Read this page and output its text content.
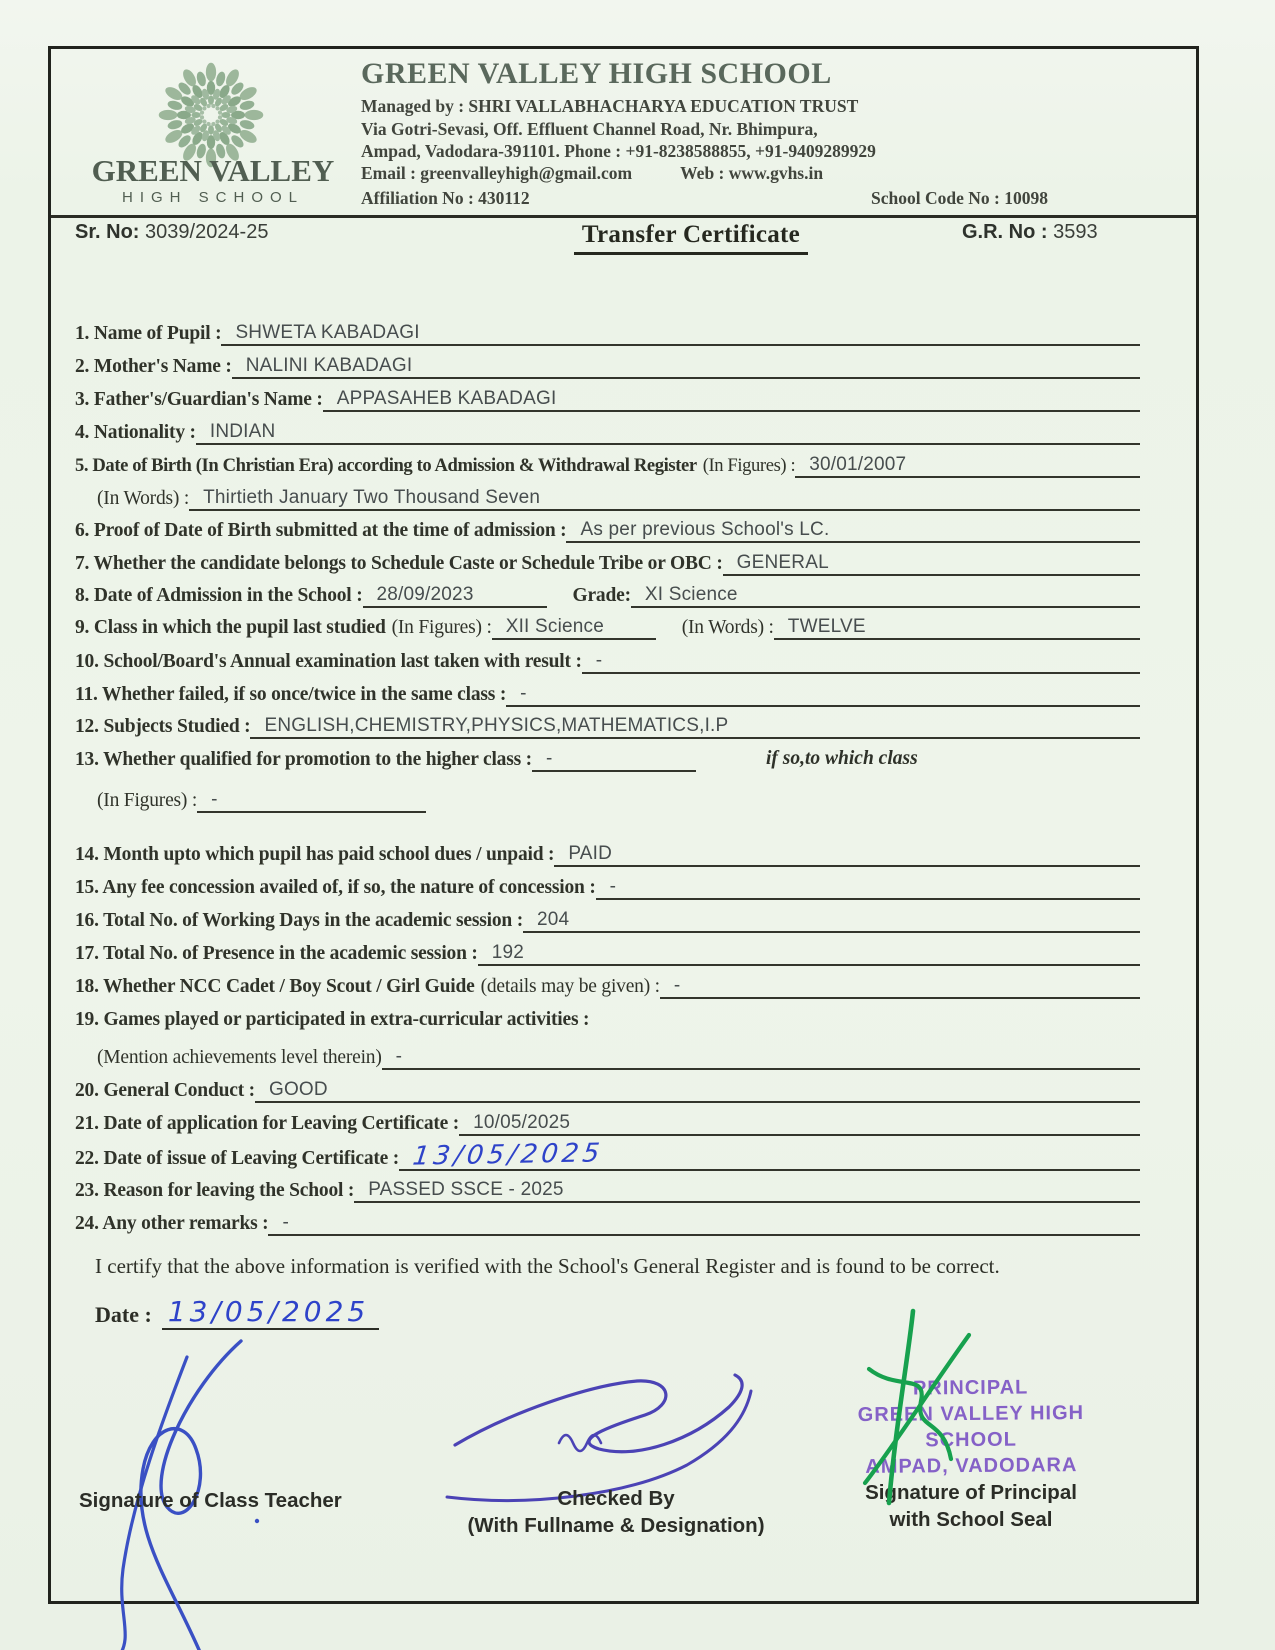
GREEN VALLEY
HIGH SCHOOL
GREEN VALLEY HIGH SCHOOL
Managed by : SHRI VALLABHACHARYA EDUCATION TRUST
Via Gotri-Sevasi, Off. Effluent Channel Road, Nr. Bhimpura,
Ampad, Vadodara-391101. Phone : +91-8238588855, +91-9409289929
Email : greenvalleyhigh@gmail.com	Web : www.gvhs.in
Affiliation No : 430112	School Code No : 10098
Sr. No: 3039/2024-25	Transfer Certificate	G.R. No : 3593
1. Name of Pupil : SHWETA KABADAGI
2. Mother's Name : NALINI KABADAGI
3. Father's/Guardian's Name : APPASAHEB KABADAGI
4. Nationality : INDIAN
5. Date of Birth (In Christian Era) according to Admission & Withdrawal Register (In Figures) : 30/01/2007
(In Words) : Thirtieth January Two Thousand Seven
6. Proof of Date of Birth submitted at the time of admission : As per previous School's LC.
7. Whether the candidate belongs to Schedule Caste or Schedule Tribe or OBC : GENERAL
8. Date of Admission in the School : 28/09/2023	Grade: XI Science
9. Class in which the pupil last studied (In Figures) : XII Science	(In Words) : TWELVE
10. School/Board's Annual examination last taken with result : -
11. Whether failed, if so once/twice in the same class : -
12. Subjects Studied : ENGLISH,CHEMISTRY,PHYSICS,MATHEMATICS,I.P
13. Whether qualified for promotion to the higher class : -	if so,to which class
(In Figures) : -
14. Month upto which pupil has paid school dues / unpaid : PAID
15. Any fee concession availed of, if so, the nature of concession : -
16. Total No. of Working Days in the academic session : 204
17. Total No. of Presence in the academic session : 192
18. Whether NCC Cadet / Boy Scout / Girl Guide (details may be given) : -
19. Games played or participated in extra-curricular activities :
(Mention achievements level therein) -
20. General Conduct : GOOD
21. Date of application for Leaving Certificate : 10/05/2025
22. Date of issue of Leaving Certificate : 13/05/2025
23. Reason for leaving the School : PASSED SSCE - 2025
24. Any other remarks : -
I certify that the above information is verified with the School's General Register and is found to be correct.
Date : 13/05/2025
PRINCIPAL
GREEN VALLEY HIGH SCHOOL
AMPAD, VADODARA
Signature of Class Teacher	Checked By
(With Fullname & Designation)
Signature of Principal
with School Seal
